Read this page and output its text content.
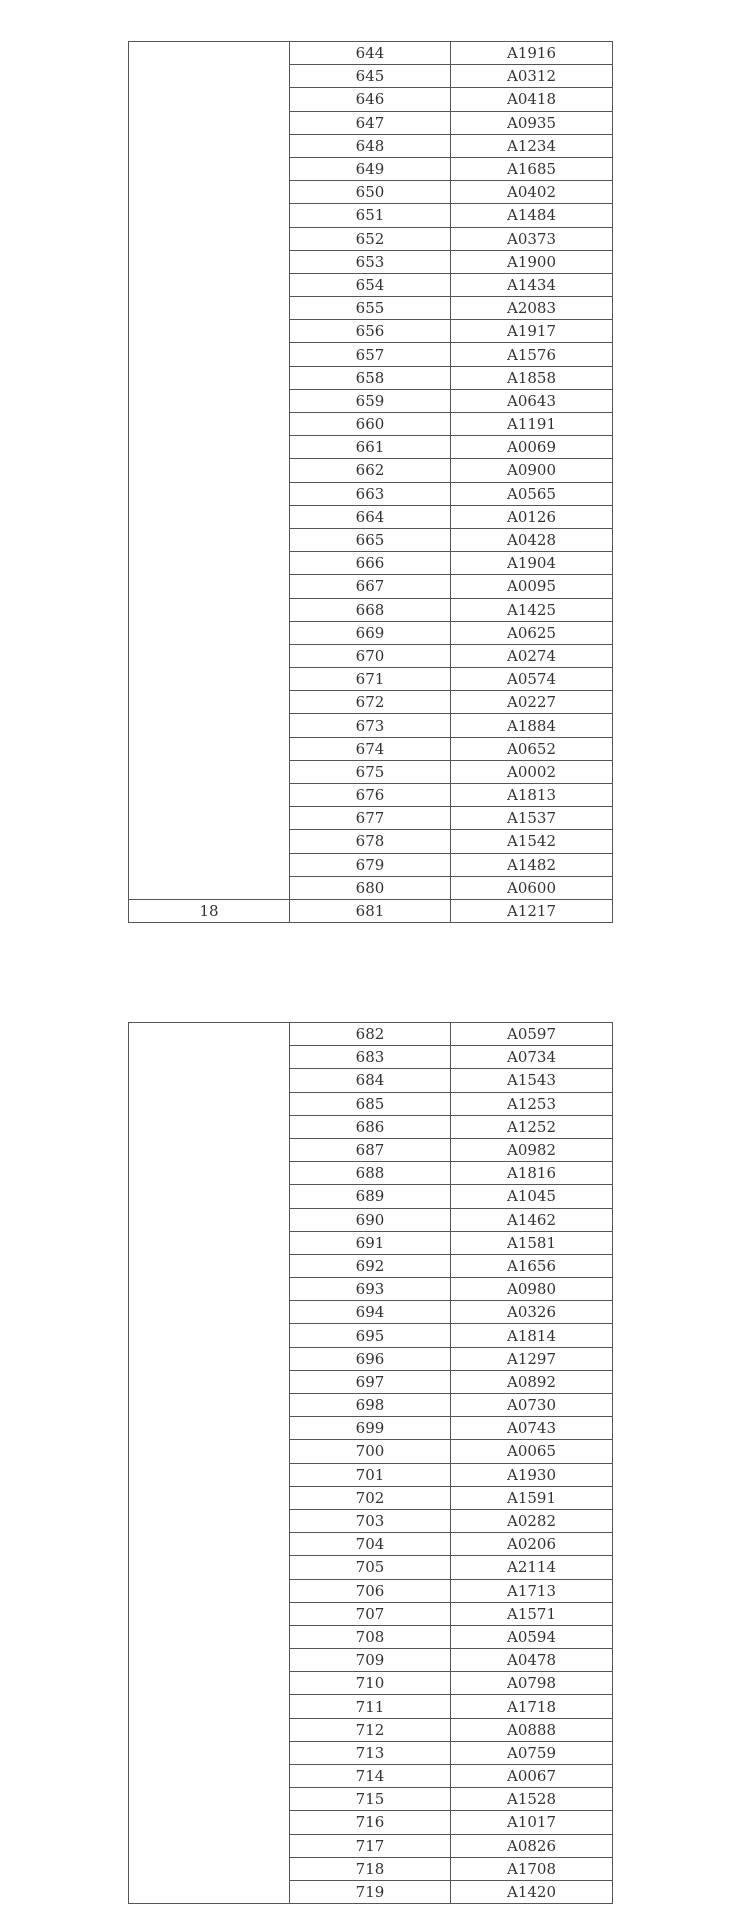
	644	A1916
	645	A0312
	646	A0418
	647	A0935
	648	A1234
	649	A1685
	650	A0402
	651	A1484
	652	A0373
	653	A1900
	654	A1434
	655	A2083
	656	A1917
	657	A1576
	658	A1858
	659	A0643
	660	A1191
	661	A0069
	662	A0900
	663	A0565
	664	A0126
	665	A0428
	666	A1904
	667	A0095
	668	A1425
	669	A0625
	670	A0274
	671	A0574
	672	A0227
	673	A1884
	674	A0652
	675	A0002
	676	A1813
	677	A1537
	678	A1542
	679	A1482
	680	A0600
18	681	A1217
	682	A0597
	683	A0734
	684	A1543
	685	A1253
	686	A1252
	687	A0982
	688	A1816
	689	A1045
	690	A1462
	691	A1581
	692	A1656
	693	A0980
	694	A0326
	695	A1814
	696	A1297
	697	A0892
	698	A0730
	699	A0743
	700	A0065
	701	A1930
	702	A1591
	703	A0282
	704	A0206
	705	A2114
	706	A1713
	707	A1571
	708	A0594
	709	A0478
	710	A0798
	711	A1718
	712	A0888
	713	A0759
	714	A0067
	715	A1528
	716	A1017
	717	A0826
	718	A1708
	719	A1420
